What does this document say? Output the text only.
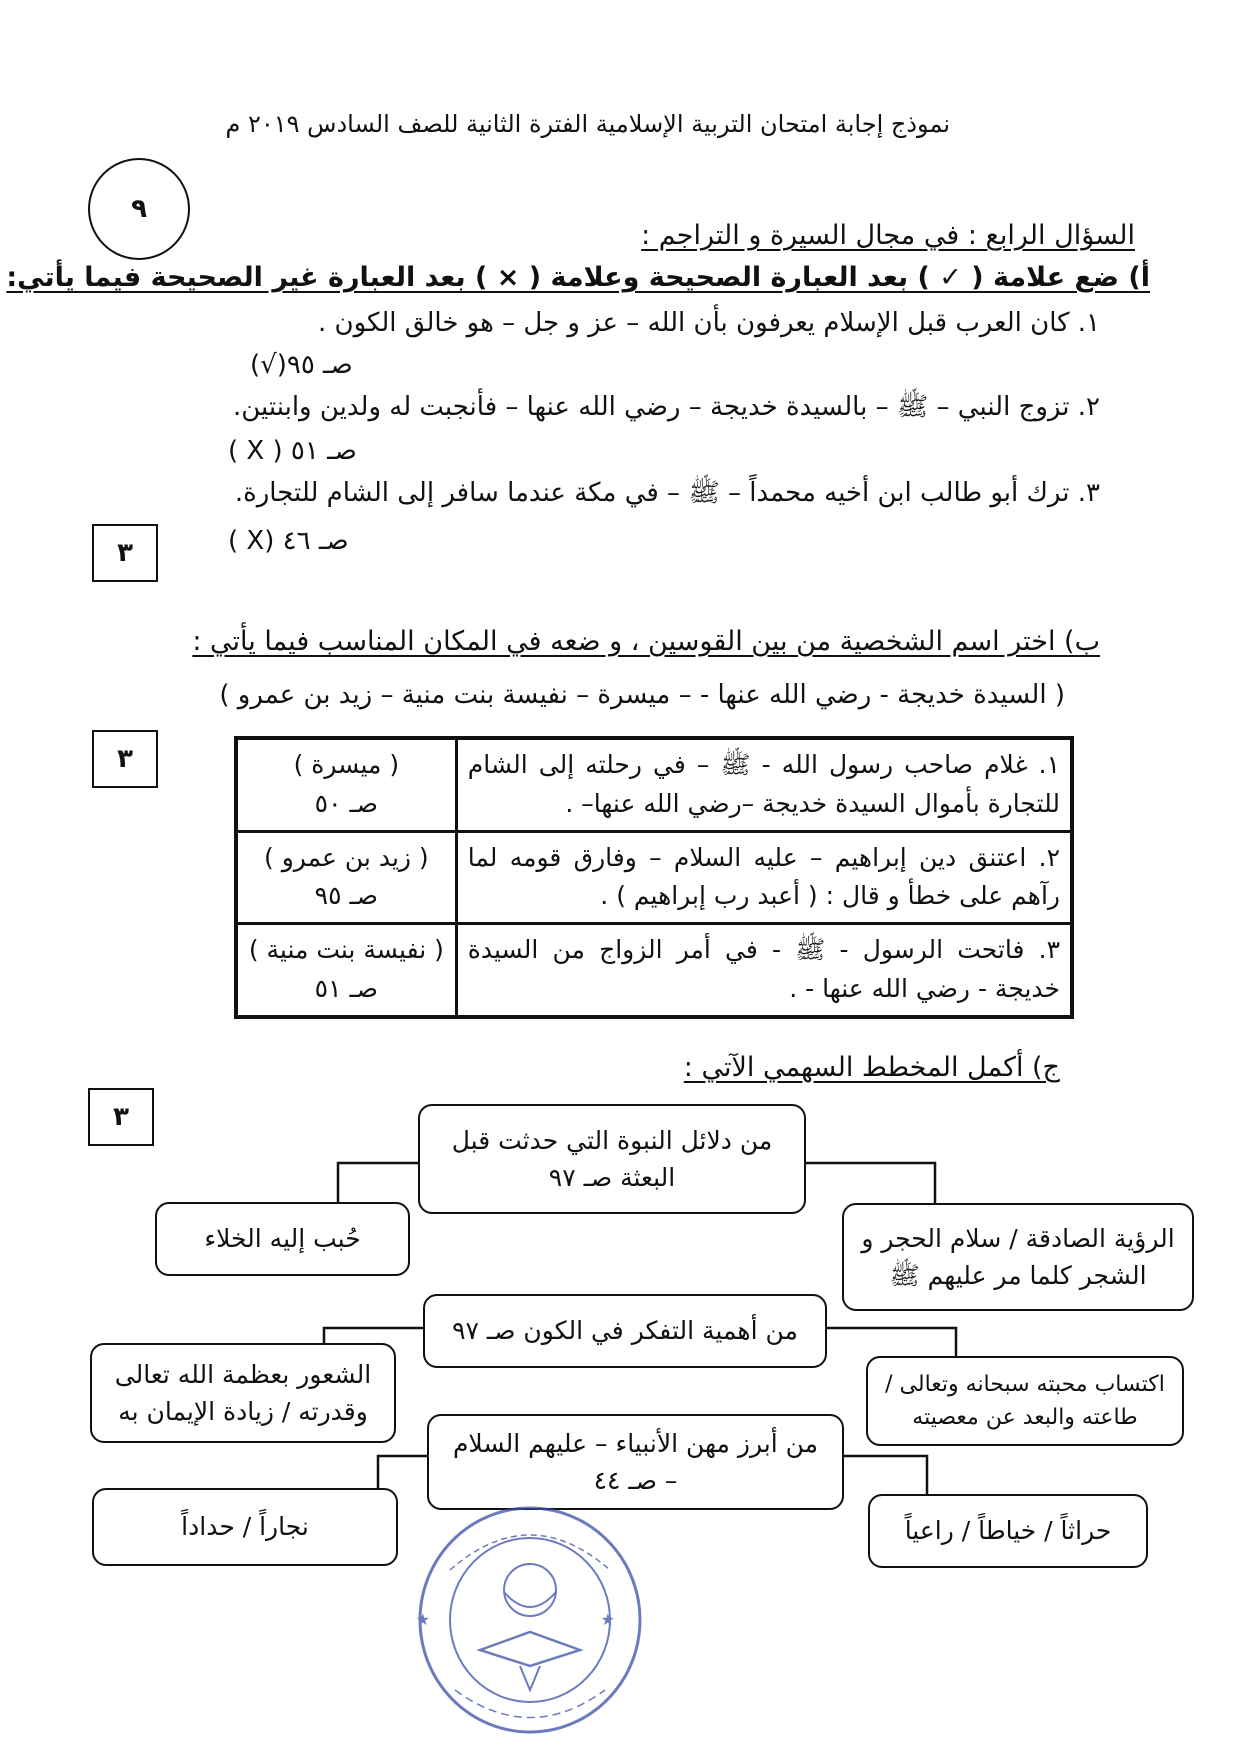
نموذج إجابة امتحان التربية الإسلامية الفترة الثانية للصف السادس ٢٠١٩ م
٩
السؤال الرابع : في مجال السيرة و التراجم :
أ) ضع علامة ( ✓ ) بعد العبارة الصحيحة وعلامة ( × ) بعد العبارة غير الصحيحة فيما يأتي:
١. كان العرب قبل الإسلام يعرفون بأن الله – عز و جل – هو خالق الكون .
صـ ٩٥(√)
٢. تزوج النبي – ﷺ – بالسيدة خديجة – رضي الله عنها – فأنجبت له ولدين وابنتين.
صـ ٥١ ( X )
٣. ترك أبو طالب ابن أخيه محمداً – ﷺ – في مكة عندما سافر إلى الشام للتجارة.
صـ ٤٦ (X )
٣
ب) اختر اسم الشخصية من بين القوسين ، و ضعه في المكان المناسب فيما يأتي :
( السيدة خديجة - رضي الله عنها - – ميسرة – نفيسة بنت منية – زيد بن عمرو )
٣	١. غلام صاحب رسول الله - ﷺ – في رحلته إلى الشام للتجارة بأموال السيدة خديجة –رضي الله عنها– .	( ميسرة )
صـ ٥٠

٢. اعتنق دين إبراهيم – عليه السلام – وفارق قومه لما رآهم على خطأ و قال : ( أعبد رب إبراهيم ) .	( زيد بن عمرو )
صـ ٩٥

٣. فاتحت الرسول - ﷺ - في أمر الزواج من السيدة خديجة - رضي الله عنها - .	( نفيسة بنت منية )
صـ ٥١
ج) أكمل المخطط السهمي الآتي :
٣
من دلائل النبوة التي حدثت قبل البعثة صـ ٩٧
الرؤية الصادقة / سلام الحجر و الشجر كلما مر عليهم ﷺ
حُبب إليه الخلاء
من أهمية التفكر في الكون صـ ٩٧
اكتساب محبته سبحانه وتعالى / طاعته والبعد عن معصيته
الشعور بعظمة الله تعالى وقدرته / زيادة الإيمان به
من أبرز مهن الأنبياء – عليهم السلام – صـ ٤٤
حراثاً / خياطاً / راعياً
نجاراً / حداداً
★	★
